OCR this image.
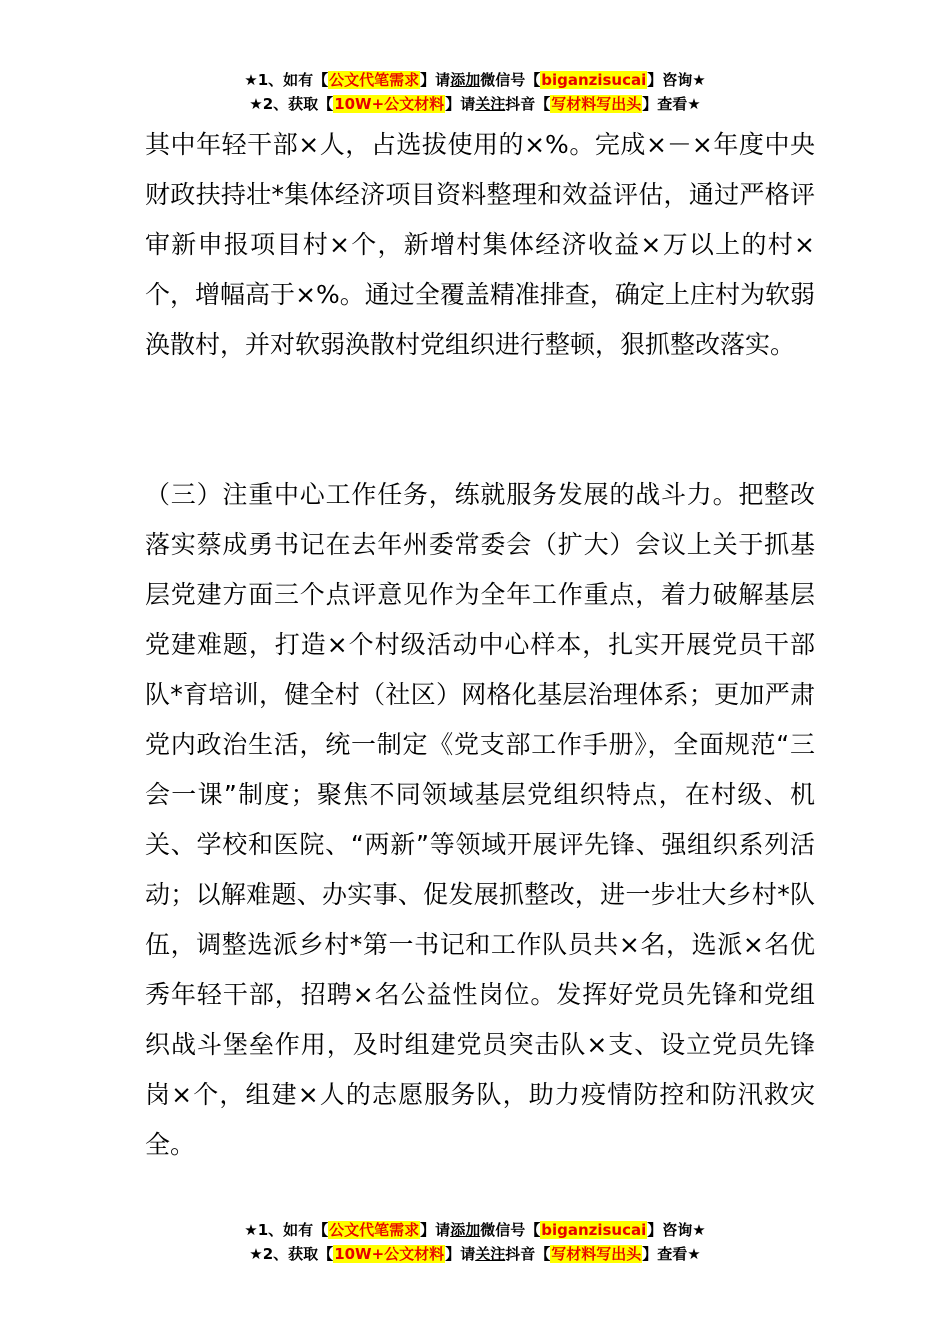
★1、如有【公文代笔需求】请添加微信号【biganzisucai】咨询★
★2、获取【10W+公文材料】请关注抖音【写材料写出头】查看★

其中年轻干部×人，占选拔使用的×%。完成×－×年度中央财政扶持壮*集体经济项目资料整理和效益评估，通过严格评审新申报项目村×个，新增村集体经济收益×万以上的村×个，增幅高于×%。通过全覆盖精准排查，确定上庄村为软弱涣散村，并对软弱涣散村党组织进行整顿，狠抓整改落实。

（三）注重中心工作任务，练就服务发展的战斗力。把整改落实蔡成勇书记在去年州委常委会（扩大）会议上关于抓基层党建方面三个点评意见作为全年工作重点，着力破解基层党建难题，打造×个村级活动中心样本，扎实开展党员干部队*育培训，健全村（社区）网格化基层治理体系；更加严肃党内政治生活，统一制定《党支部工作手册》，全面规范“三会一课”制度；聚焦不同领域基层党组织特点，在村级、机关、学校和医院、“两新”等领域开展评先锋、强组织系列活动；以解难题、办实事、促发展抓整改，进一步壮大乡村*队伍，调整选派乡村*第一书记和工作队员共×名，选派×名优秀年轻干部，招聘×名公益性岗位。发挥好党员先锋和党组织战斗堡垒作用，及时组建党员突击队×支、设立党员先锋岗×个，组建×人的志愿服务队，助力疫情防控和防汛救灾全。

★1、如有【公文代笔需求】请添加微信号【biganzisucai】咨询★
★2、获取【10W+公文材料】请关注抖音【写材料写出头】查看★
